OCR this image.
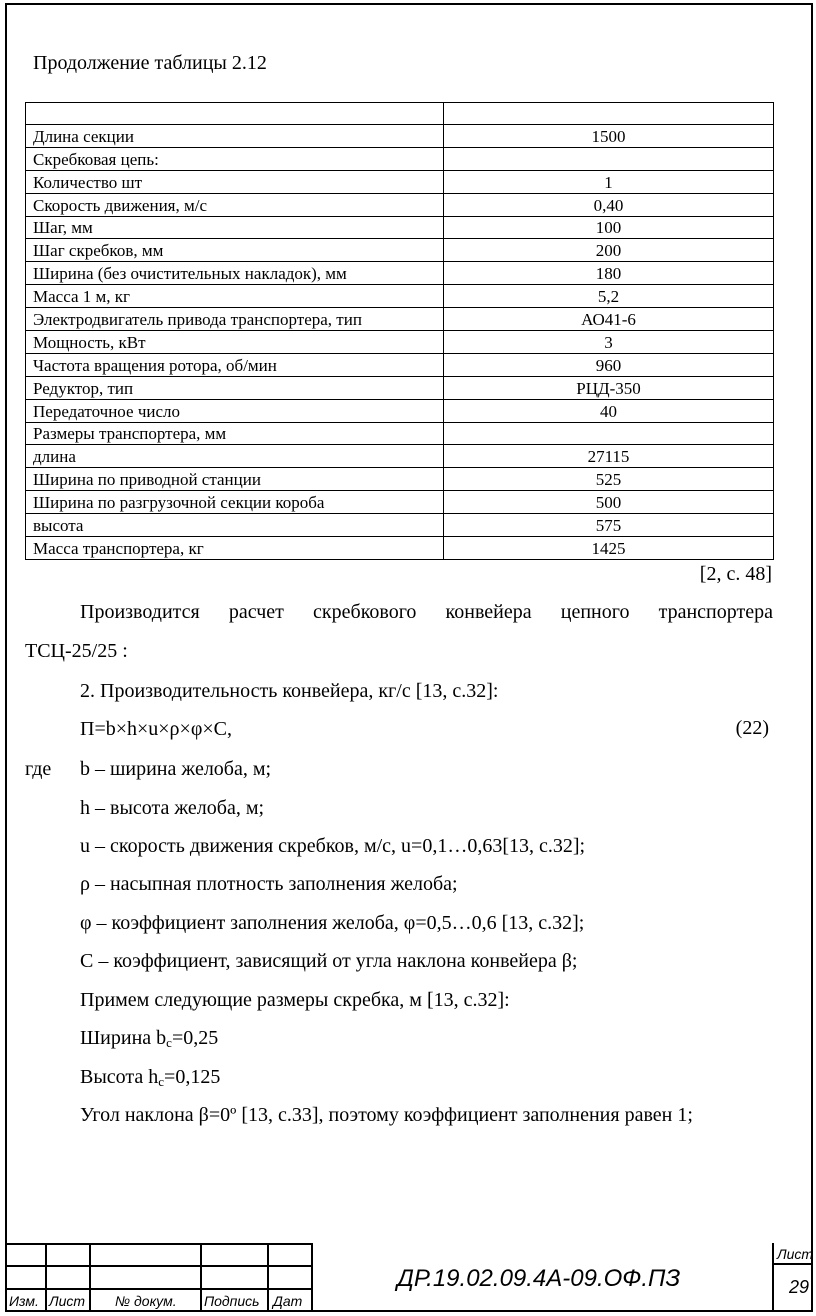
Продолжение таблицы 2.12

Длина секции	1500
Скребковая цепь:	
Количество шт	1
Скорость движения, м/с	0,40
Шаг, мм	100
Шаг скребков, мм	200
Ширина (без очистительных накладок), мм	180
Масса 1 м, кг	5,2
Электродвигатель привода транспортера, тип	АО41-6
Мощность, кВт	3
Частота вращения ротора, об/мин	960
Редуктор, тип	РЦД-350
Передаточное число	40
Размеры транспортера, мм	
длина	27115
Ширина по приводной станции	525
Ширина по разгрузочной секции короба	500
высота	575
Масса транспортера, кг	1425
[2, с. 48]
Производится расчет скребкового конвейера цепного транспортера
ТСЦ-25/25 :
2. Производительность конвейера, кг/с [13, с.32]:
П=b×h×u×ρ×φ×C,	(22)
где b – ширина желоба, м;
h – высота желоба, м;
u – скорость движения скребков, м/с, u=0,1…0,63[13, с.32];
ρ – насыпная плотность заполнения желоба;
φ – коэффициент заполнения желоба, φ=0,5…0,6 [13, с.32];
С – коэффициент, зависящий от угла наклона конвейера β;
Примем следующие размеры скребка, м [13, с.32]:
Ширина $b_с=0,25$
Высота $h_с=0,125$
Угол наклона β=0º [13, с.33], поэтому коэффициент заполнения равен 1;
Изм. Лист № докум. Подпись Дат
ДР.19.02.09.4А-09.ОФ.ПЗ
Лист
29
